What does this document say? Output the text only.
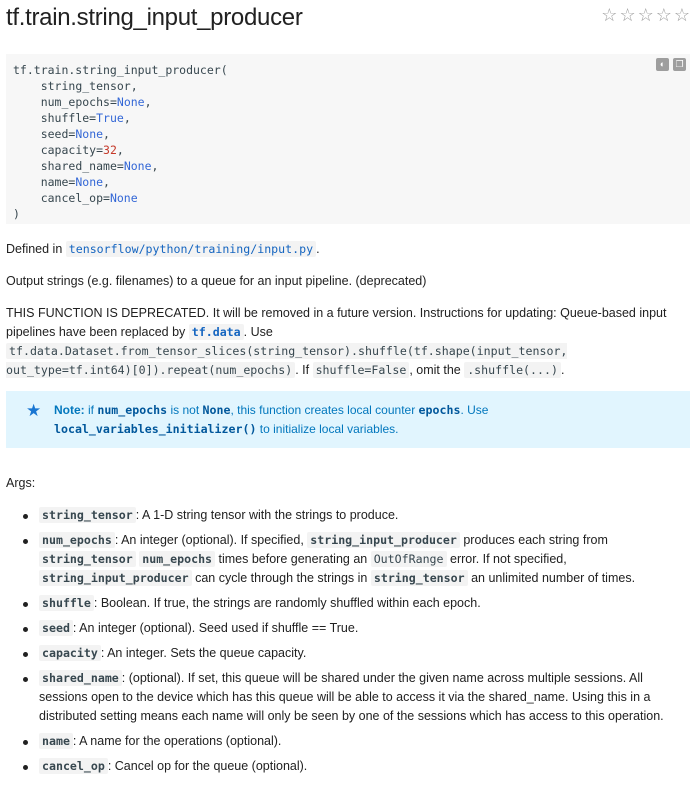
tf.train.string_input_producer	☆ ☆ ☆ ☆ ☆
◐	❐
tf.train.string_input_producer(
string_tensor,
num_epochs=None,
shuffle=True,
seed=None,
capacity=32,
shared_name=None,
name=None,
cancel_op=None
)
Defined in tensorflow/python/training/input.py .
Output strings (e.g. filenames) to a queue for an input pipeline. (deprecated)
THIS FUNCTION IS DEPRECATED. It will be removed in a future version. Instructions for updating: Queue-based input pipelines have been replaced by tf.data . Use
tf.data.Dataset.from_tensor_slices(string_tensor).shuffle(tf.shape(input_tensor, out_type=tf.int64)[0]).repeat(num_epochs) . If shuffle=False , omit the .shuffle(...) .
★ Note: if num_epochs is not None, this function creates local counter epochs. Use
local_variables_initializer() to initialize local variables.
Args:
string_tensor : A 1-D string tensor with the strings to produce.
num_epochs : An integer (optional). If specified, string_input_producer produces each string from string_tensor num_epochs times before generating an OutOfRange error. If not specified, string_input_producer can cycle through the strings in string_tensor an unlimited number of times.
shuffle : Boolean. If true, the strings are randomly shuffled within each epoch.
seed : An integer (optional). Seed used if shuffle == True.
capacity : An integer. Sets the queue capacity.
shared_name : (optional). If set, this queue will be shared under the given name across multiple sessions. All sessions open to the device which has this queue will be able to access it via the shared_name. Using this in a distributed setting means each name will only be seen by one of the sessions which has access to this operation.
name : A name for the operations (optional).
cancel_op : Cancel op for the queue (optional).
